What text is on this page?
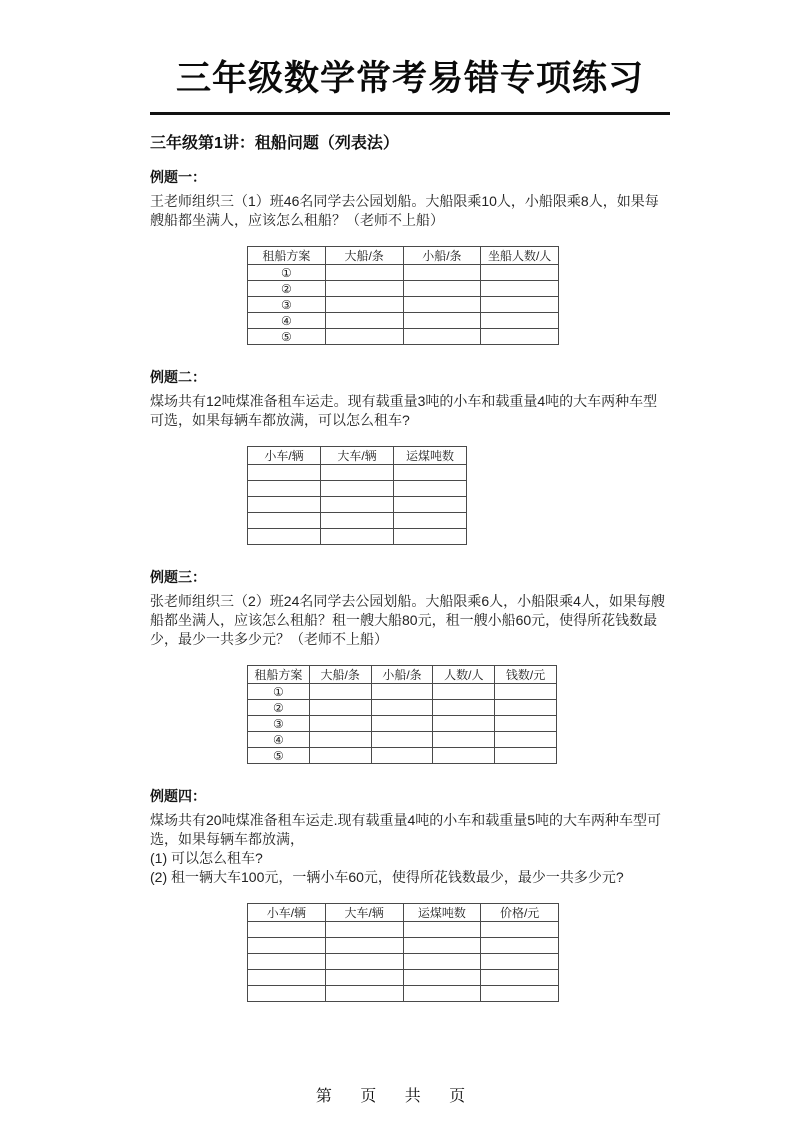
三年级数学常考易错专项练习
三年级第1讲：租船问题（列表法）
例题一：
王老师组织三（1）班46名同学去公园划船。大船限乘10人，小船限乘8人，如果每艘船都坐满人，应该怎么租船？（老师不上船）
租船方案	大船/条	小船/条	坐船人数/人
①			
②			
③			
④			
⑤			
例题二：
煤场共有12吨煤准备租车运走。现有载重量3吨的小车和载重量4吨的大车两种车型可选，如果每辆车都放满，可以怎么租车?
小车/辆	大车/辆	运煤吨数

例题三：
张老师组织三（2）班24名同学去公园划船。大船限乘6人，小船限乘4人，如果每艘船都坐满人，应该怎么租船？租一艘大船80元，租一艘小船60元，使得所花钱数最少，最少一共多少元？（老师不上船）
租船方案	大船/条	小船/条	人数/人	钱数/元
①				
②				
③				
④				
⑤				
例题四：
煤场共有20吨煤准备租车运走.现有载重量4吨的小车和载重量5吨的大车两种车型可选，如果每辆车都放满，
(1) 可以怎么租车?
(2) 租一辆大车100元，一辆小车60元，使得所花钱数最少，最少一共多少元?
小车/辆	大车/辆	运煤吨数	价格/元

第 页 共 页
